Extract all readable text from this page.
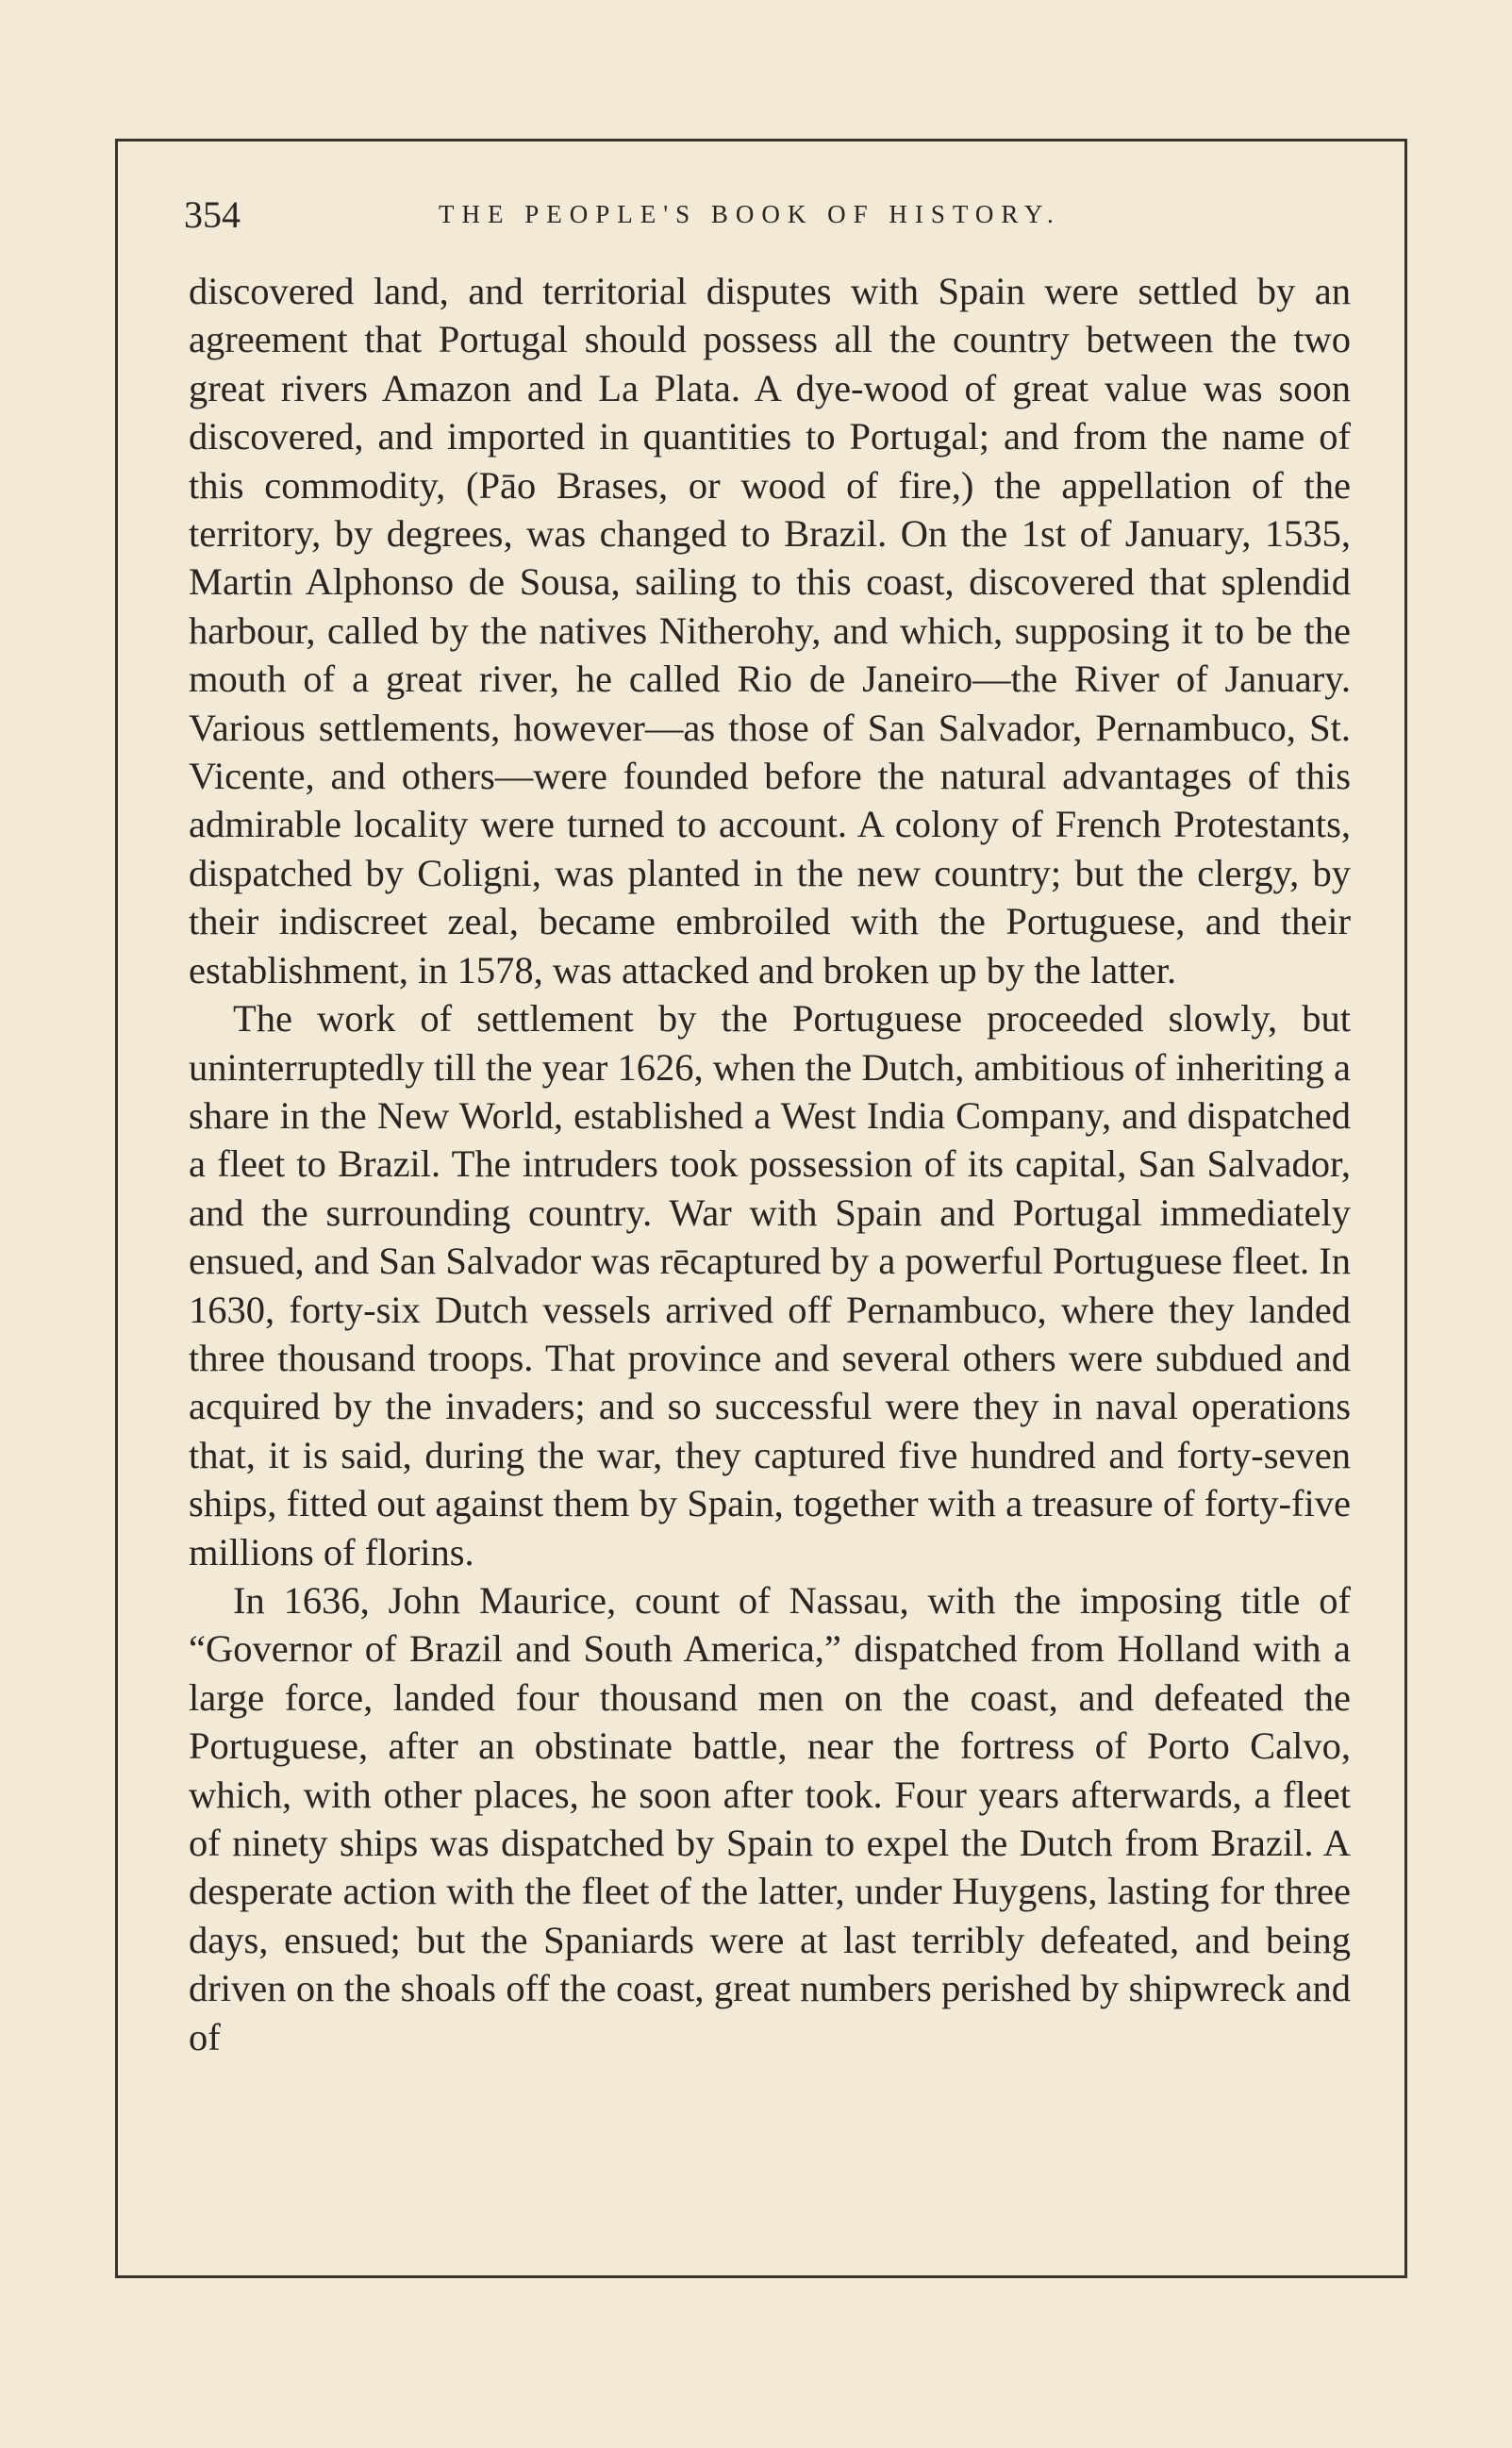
354	THE PEOPLE'S BOOK OF HISTORY.

discovered land, and territorial disputes with Spain were settled by an agreement that Portugal should possess all the country between the two great rivers Amazon and La Plata. A dye-wood of great value was soon discovered, and imported in quantities to Portugal; and from the name of this commodity, (Pāo Brases, or wood of fire,) the appellation of the territory, by degrees, was changed to Brazil. On the 1st of January, 1535, Martin Alphonso de Sousa, sailing to this coast, discovered that splendid harbour, called by the natives Nitherohy, and which, supposing it to be the mouth of a great river, he called Rio de Janeiro—the River of January. Various settlements, however—as those of San Salvador, Pernambuco, St. Vicente, and others—were founded before the natural advantages of this admirable locality were turned to account. A colony of French Protestants, dispatched by Coligni, was planted in the new country; but the clergy, by their indiscreet zeal, became embroiled with the Portuguese, and their establishment, in 1578, was attacked and broken up by the latter.

The work of settlement by the Portuguese proceeded slowly, but uninterruptedly till the year 1626, when the Dutch, ambitious of inheriting a share in the New World, established a West India Company, and dispatched a fleet to Brazil. The intruders took possession of its capital, San Salvador, and the surrounding country. War with Spain and Portugal immediately ensued, and San Salvador was rēcaptured by a powerful Portuguese fleet. In 1630, forty-six Dutch vessels arrived off Pernambuco, where they landed three thousand troops. That province and several others were subdued and acquired by the invaders; and so successful were they in naval operations that, it is said, during the war, they captured five hundred and forty-seven ships, fitted out against them by Spain, together with a treasure of forty-five millions of florins.

In 1636, John Maurice, count of Nassau, with the imposing title of “Governor of Brazil and South America,” dispatched from Holland with a large force, landed four thousand men on the coast, and defeated the Portuguese, after an obstinate battle, near the fortress of Porto Calvo, which, with other places, he soon after took. Four years afterwards, a fleet of ninety ships was dispatched by Spain to expel the Dutch from Brazil. A desperate action with the fleet of the latter, under Huygens, lasting for three days, ensued; but the Spaniards were at last terribly defeated, and being driven on the shoals off the coast, great numbers perished by shipwreck and of
